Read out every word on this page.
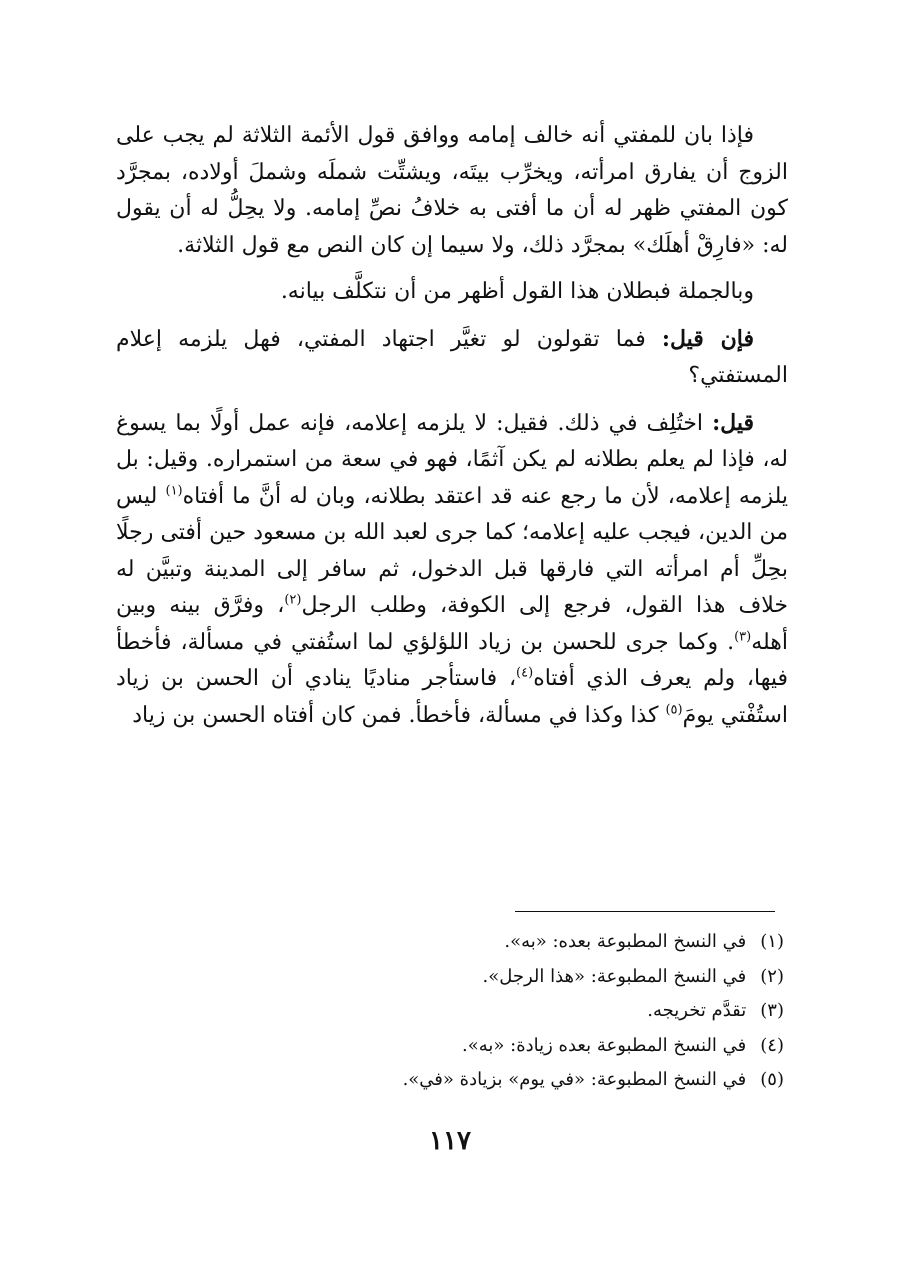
فإذا بان للمفتي أنه خالف إمامه ووافق قول الأئمة الثلاثة لم يجب على الزوج أن يفارق امرأته، ويخرِّب بيتَه، ويشتِّت شملَه وشملَ أولاده، بمجرَّد كون المفتي ظهر له أن ما أفتى به خلافُ نصِّ إمامه. ولا يحِلُّ له أن يقول له: «فارِقْ أهلَك» بمجرَّد ذلك، ولا سيما إن كان النص مع قول الثلاثة.

وبالجملة فبطلان هذا القول أظهر من أن نتكلَّف بيانه.

فإن قيل: فما تقولون لو تغيَّر اجتهاد المفتي، فهل يلزمه إعلام المستفتي؟

قيل: اختُلِف في ذلك. فقيل: لا يلزمه إعلامه، فإنه عمل أولًا بما يسوغ له، فإذا لم يعلم بطلانه لم يكن آثمًا، فهو في سعة من استمراره. وقيل: بل يلزمه إعلامه، لأن ما رجع عنه قد اعتقد بطلانه، وبان له أنَّ ما أفتاه$^{(١)}$ ليس من الدين، فيجب عليه إعلامه؛ كما جرى لعبد الله بن مسعود حين أفتى رجلًا بحِلِّ أم امرأته التي فارقها قبل الدخول، ثم سافر إلى المدينة وتبيَّن له خلاف هذا القول، فرجع إلى الكوفة، وطلب الرجل$^{(٢)}$، وفرَّق بينه وبين أهله$^{(٣)}$. وكما جرى للحسن بن زياد اللؤلؤي لما استُفتي في مسألة، فأخطأ فيها، ولم يعرف الذي أفتاه$^{(٤)}$، فاستأجر مناديًا ينادي أن الحسن بن زياد استُفْتي يومَ$^{(٥)}$ كذا وكذا في مسألة، فأخطأ. فمن كان أفتاه الحسن بن زياد

(١)في النسخ المطبوعة بعده: «به».
(٢)في النسخ المطبوعة: «هذا الرجل».
(٣)تقدَّم تخريجه.
(٤)في النسخ المطبوعة بعده زيادة: «به».
(٥)في النسخ المطبوعة: «في يوم» بزيادة «في».
١١٧
